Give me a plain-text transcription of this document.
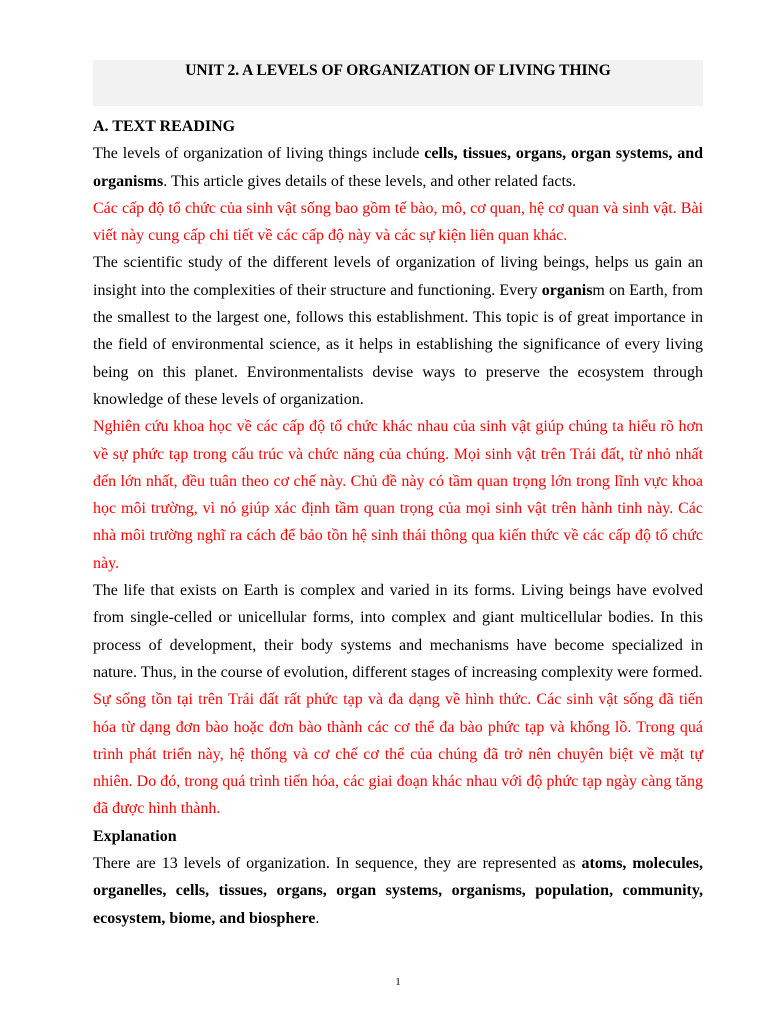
UNIT 2. A LEVELS OF ORGANIZATION OF LIVING THING
A. TEXT READING

The levels of organization of living things include cells, tissues, organs, organ systems, and organisms. This article gives details of these levels, and other related facts.

Các cấp độ tổ chức của sinh vật sống bao gồm tế bào, mô, cơ quan, hệ cơ quan và sinh vật. Bài viết này cung cấp chi tiết về các cấp độ này và các sự kiện liên quan khác.

The scientific study of the different levels of organization of living beings, helps us gain an insight into the complexities of their structure and functioning. Every organism on Earth, from the smallest to the largest one, follows this establishment. This topic is of great importance in the field of environmental science, as it helps in establishing the significance of every living being on this planet. Environmentalists devise ways to preserve the ecosystem through knowledge of these levels of organization.

Nghiên cứu khoa học về các cấp độ tổ chức khác nhau của sinh vật giúp chúng ta hiểu rõ hơn về sự phức tạp trong cấu trúc và chức năng của chúng. Mọi sinh vật trên Trái đất, từ nhỏ nhất đến lớn nhất, đều tuân theo cơ chế này. Chủ đề này có tầm quan trọng lớn trong lĩnh vực khoa học môi trường, vì nó giúp xác định tầm quan trọng của mọi sinh vật trên hành tinh này. Các nhà môi trường nghĩ ra cách để bảo tồn hệ sinh thái thông qua kiến thức về các cấp độ tổ chức này.

The life that exists on Earth is complex and varied in its forms. Living beings have evolved from single-celled or unicellular forms, into complex and giant multicellular bodies. In this process of development, their body systems and mechanisms have become specialized in nature. Thus, in the course of evolution, different stages of increasing complexity were formed.

Sự sống tồn tại trên Trái đất rất phức tạp và đa dạng về hình thức. Các sinh vật sống đã tiến hóa từ dạng đơn bào hoặc đơn bào thành các cơ thể đa bào phức tạp và khổng lồ. Trong quá trình phát triển này, hệ thống và cơ chế cơ thể của chúng đã trở nên chuyên biệt về mặt tự nhiên. Do đó, trong quá trình tiến hóa, các giai đoạn khác nhau với độ phức tạp ngày càng tăng đã được hình thành.

Explanation

There are 13 levels of organization. In sequence, they are represented as atoms, molecules, organelles, cells, tissues, organs, organ systems, organisms, population, community, ecosystem, biome, and biosphere.

1
